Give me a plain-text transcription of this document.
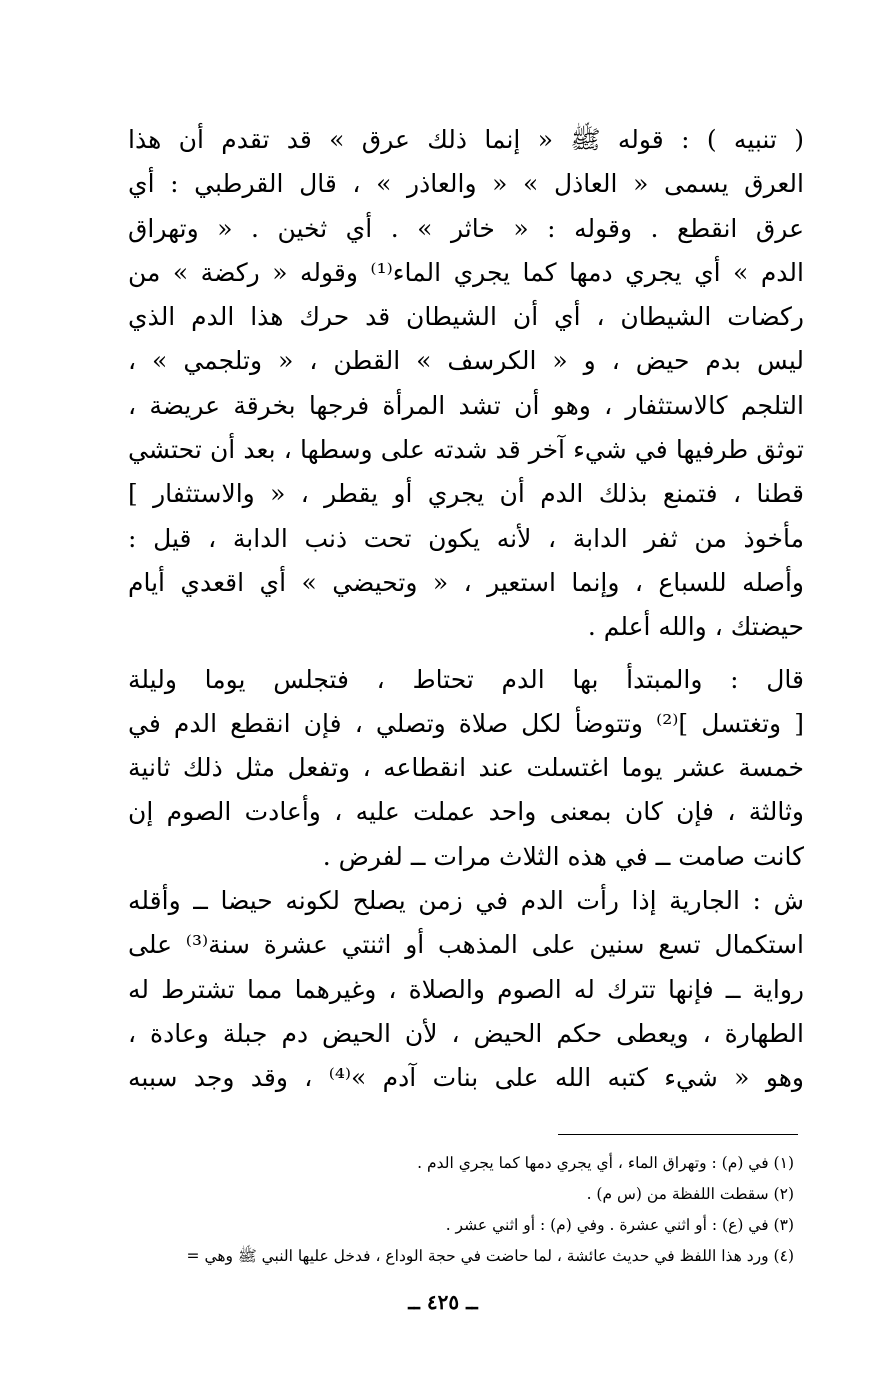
( تنبيه ) : قوله ﷺ « إنما ذلك عرق » قد تقدم أن هذا
العرق يسمى « العاذل » « والعاذر » ، قال القرطبي : أي
عرق انقطع . وقوله : « خاثر » . أي ثخين . « وتهراق
الدم » أي يجري دمها كما يجري الماء⁽¹⁾ وقوله « ركضة » من
ركضات الشيطان ، أي أن الشيطان قد حرك هذا الدم الذي
ليس بدم حيض ، و « الكرسف » القطن ، « وتلجمي » ،
التلجم كالاستثفار ، وهو أن تشد المرأة فرجها بخرقة عريضة ،
توثق طرفيها في شيء آخر قد شدته على وسطها ، بعد أن تحتشي
قطنا ، فتمنع بذلك الدم أن يجري أو يقطر ، « والاستثفار ]
مأخوذ من ثفر الدابة ، لأنه يكون تحت ذنب الدابة ، قيل :
وأصله للسباع ، وإنما استعير ، « وتحيضي » أي اقعدي أيام
حيضتك ، والله أعلم .
قال : والمبتدأ بها الدم تحتاط ، فتجلس يوما وليلة
[ وتغتسل ]⁽²⁾ وتتوضأ لكل صلاة وتصلي ، فإن انقطع الدم في
خمسة عشر يوما اغتسلت عند انقطاعه ، وتفعل مثل ذلك ثانية
وثالثة ، فإن كان بمعنى واحد عملت عليه ، وأعادت الصوم إن
كانت صامت ــ في هذه الثلاث مرات ــ لفرض .
ش : الجارية إذا رأت الدم في زمن يصلح لكونه حيضا ــ وأقله
استكمال تسع سنين على المذهب أو اثنتي عشرة سنة⁽³⁾ على
رواية ــ فإنها تترك له الصوم والصلاة ، وغيرهما مما تشترط له
الطهارة ، ويعطى حكم الحيض ، لأن الحيض دم جبلة وعادة ،
وهو « شيء كتبه الله على بنات آدم »⁽⁴⁾ ، وقد وجد سببه
(١) في (م) : وتهراق الماء ، أي يجري دمها كما يجري الدم .
(٢) سقطت اللفظة من (س م) .
(٣) في (ع) : أو اثني عشرة . وفي (م) : أو اثني عشر .
(٤) ورد هذا اللفظ في حديث عائشة ، لما حاضت في حجة الوداع ، فدخل عليها النبي ﷺ وهي =
ــ ٤٢٥ ــ
